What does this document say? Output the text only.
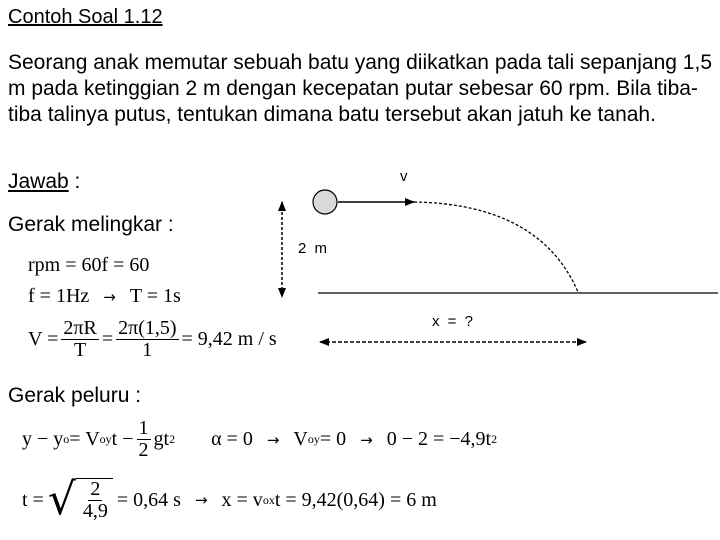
Contoh Soal 1.12
Seorang anak memutar sebuah batu yang diikatkan pada tali sepanjang 1,5 m pada ketinggian 2 m dengan kecepatan putar sebesar 60 rpm. Bila tiba-tiba talinya putus, tentukan dimana batu tersebut akan jatuh ke tanah.
Jawab :
Gerak melingkar :
Gerak peluru :
v
2 m
x = ?
rpm = 60f = 60
f = 1Hz → T = 1s
$V = \frac{2\pi R}{T} = \frac{2\pi(1,5)}{1} = 9,42$ m / s
y − y o = V oy $t - \frac{1}{2}$ gt 2 α = 0 → V oy = 0 → 0 − 2 = −4,9t 2
t = √ $\frac{2}{4,9} = 0,64$ s → x = v ox t = 9,42(0,64) = 6 m
